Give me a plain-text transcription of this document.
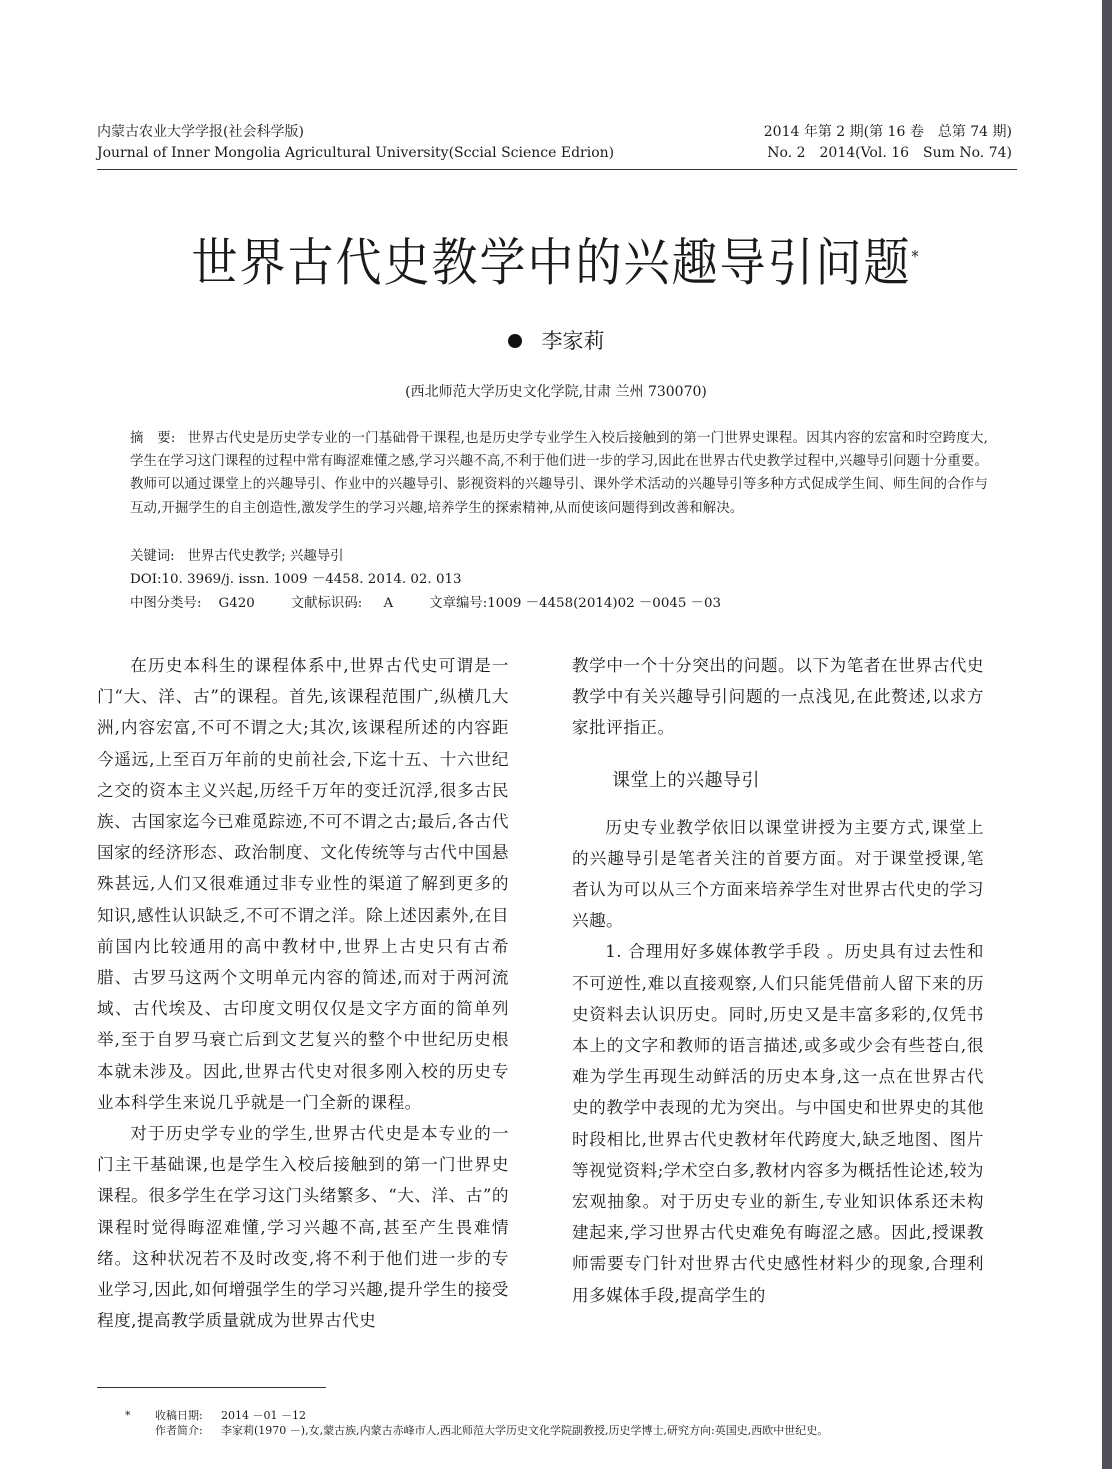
内蒙古农业大学学报(社会科学版)
Journal of Inner Mongolia Agricultural University(Sccial Science Edrion)
2014 年第 2 期(第 16 卷　总第 74 期)
No. 2　2014(Vol. 16　Sum No. 74)
世界古代史教学中的兴趣导引问题*
李家莉
(西北师范大学历史文化学院,甘肃 兰州 730070)
摘　要: 世界古代史是历史学专业的一门基础骨干课程,也是历史学专业学生入校后接触到的第一门世界史课程。因其内容的宏富和时空跨度大,学生在学习这门课程的过程中常有晦涩难懂之感,学习兴趣不高,不利于他们进一步的学习,因此在世界古代史教学过程中,兴趣导引问题十分重要。教师可以通过课堂上的兴趣导引、作业中的兴趣导引、影视资料的兴趣导引、课外学术活动的兴趣导引等多种方式促成学生间、师生间的合作与互动,开掘学生的自主创造性,激发学生的学习兴趣,培养学生的探索精神,从而使该问题得到改善和解决。
关键词: 世界古代史教学; 兴趣导引
DOI:10. 3969/j. issn. 1009 －4458. 2014. 02. 013
中图分类号: G420	文献标识码: A	文章编号:1009 －4458(2014)02 －0045 －03

在历史本科生的课程体系中,世界古代史可谓是一门“大、洋、古”的课程。首先,该课程范围广,纵横几大洲,内容宏富,不可不谓之大;其次,该课程所述的内容距今遥远,上至百万年前的史前社会,下迄十五、十六世纪之交的资本主义兴起,历经千万年的变迁沉浮,很多古民族、古国家迄今已难觅踪迹,不可不谓之古;最后,各古代国家的经济形态、政治制度、文化传统等与古代中国悬殊甚远,人们又很难通过非专业性的渠道了解到更多的知识,感性认识缺乏,不可不谓之洋。除上述因素外,在目前国内比较通用的高中教材中,世界上古史只有古希腊、古罗马这两个文明单元内容的简述,而对于两河流域、古代埃及、古印度文明仅仅是文字方面的简单列举,至于自罗马衰亡后到文艺复兴的整个中世纪历史根本就未涉及。因此,世界古代史对很多刚入校的历史专业本科学生来说几乎就是一门全新的课程。

对于历史学专业的学生,世界古代史是本专业的一门主干基础课,也是学生入校后接触到的第一门世界史课程。很多学生在学习这门头绪繁多、“大、洋、古”的课程时觉得晦涩难懂,学习兴趣不高,甚至产生畏难情绪。这种状况若不及时改变,将不利于他们进一步的专业学习,因此,如何增强学生的学习兴趣,提升学生的接受程度,提高教学质量就成为世界古代史

教学中一个十分突出的问题。以下为笔者在世界古代史教学中有关兴趣导引问题的一点浅见,在此赘述,以求方家批评指正。

课堂上的兴趣导引

历史专业教学依旧以课堂讲授为主要方式,课堂上的兴趣导引是笔者关注的首要方面。对于课堂授课,笔者认为可以从三个方面来培养学生对世界古代史的学习兴趣。

1. 合理用好多媒体教学手段 。历史具有过去性和不可逆性,难以直接观察,人们只能凭借前人留下来的历史资料去认识历史。同时,历史又是丰富多彩的,仅凭书本上的文字和教师的语言描述,或多或少会有些苍白,很难为学生再现生动鲜活的历史本身,这一点在世界古代史的教学中表现的尤为突出。与中国史和世界史的其他时段相比,世界古代史教材年代跨度大,缺乏地图、图片等视觉资料;学术空白多,教材内容多为概括性论述,较为宏观抽象。对于历史专业的新生,专业知识体系还未构建起来,学习世界古代史难免有晦涩之感。因此,授课教师需要专门针对世界古代史感性材料少的现象,合理利用多媒体手段,提高学生的

* 收稿日期: 2014 －01 －12
作者简介: 李家莉(1970 －),女,蒙古族,内蒙古赤峰市人,西北师范大学历史文化学院副教授,历史学博士,研究方向:英国史,西欧中世纪史。
